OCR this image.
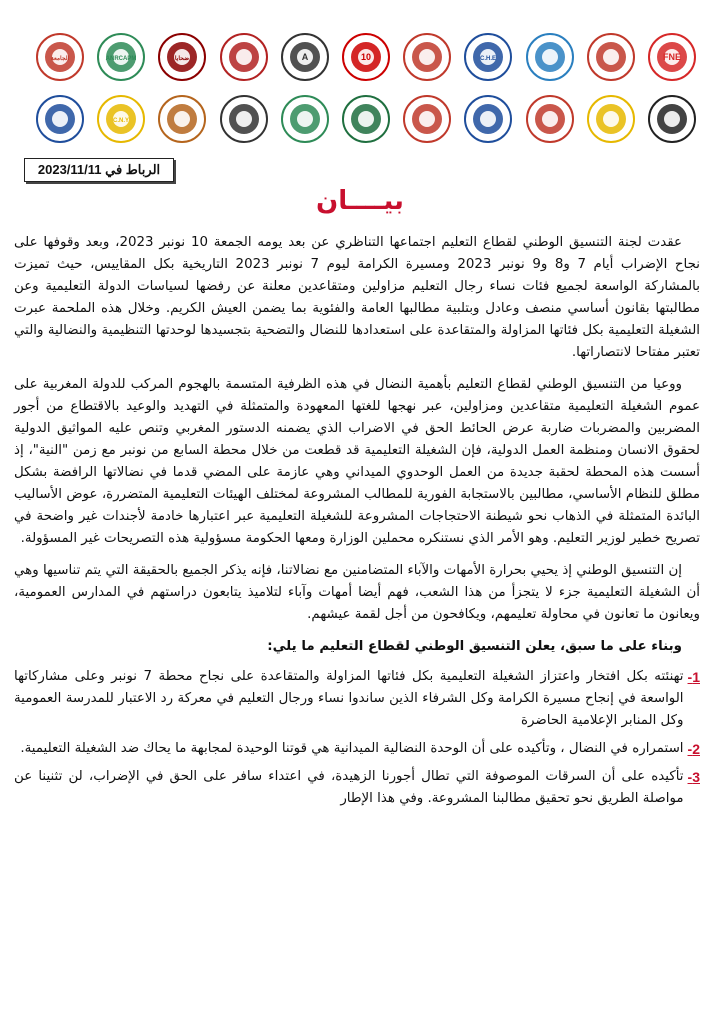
الجامعة	ANRCAPM	ضحايا	A	10	C.H.E	FNE
C.N.Y
الرباط في 2023/11/11
بيــــان

عقدت لجنة التنسيق الوطني لقطاع التعليم اجتماعها التناظري عن بعد يومه الجمعة 10 نونبر 2023، وبعد وقوفها على نجاح الإضراب أيام 7 و8 و9 نونبر 2023 ومسيرة الكرامة ليوم 7 نونبر 2023 التاريخية بكل المقاييس، حيث تميزت بالمشاركة الواسعة لجميع فئات نساء رجال التعليم مزاولين ومتقاعدين معلنة عن رفضها لسياسات الدولة التعليمية وعن مطالبتها بقانون أساسي منصف وعادل وبتلبية مطالبها العامة والفئوية بما يضمن العيش الكريم. وخلال هذه الملحمة عبرت الشغيلة التعليمية بكل فئاتها المزاولة والمتقاعدة على استعدادها للنضال والتضحية بتجسيدها لوحدتها التنظيمية والنضالية والتي تعتبر مفتاحا لانتصاراتها.

ووعيا من التنسيق الوطني لقطاع التعليم بأهمية النضال في هذه الظرفية المتسمة بالهجوم المركب للدولة المغربية على عموم الشغيلة التعليمية متقاعدين ومزاولين، عبر نهجها للغتها المعهودة والمتمثلة في التهديد والوعيد بالاقتطاع من أجور المضربين والمضربات ضاربة عرض الحائط الحق في الاضراب الذي يضمنه الدستور المغربي وتنص عليه المواثيق الدولية لحقوق الانسان ومنظمة العمل الدولية، فإن الشغيلة التعليمية قد قطعت من خلال محطة السابع من نونبر مع زمن "النية"، إذ أسست هذه المحطة لحقبة جديدة من العمل الوحدوي الميداني وهي عازمة على المضي قدما في نضالاتها الرافضة بشكل مطلق للنظام الأساسي، مطالبين بالاستجابة الفورية للمطالب المشروعة لمختلف الهيئات التعليمية المتضررة، عوض الأساليب البائدة المتمثلة في الذهاب نحو شيطنة الاحتجاجات المشروعة للشغيلة التعليمية عبر اعتبارها خادمة لأجندات غير واضحة في تصريح خطير لوزير التعليم. وهو الأمر الذي نستنكره محملين الوزارة ومعها الحكومة مسؤولية هذه التصريحات غير المسؤولة.

إن التنسيق الوطني إذ يحيي بحرارة الأمهات والآباء المتضامنين مع نضالاتنا، فإنه يذكر الجميع بالحقيقة التي يتم تناسيها وهي أن الشغيلة التعليمية جزء لا يتجزأ من هذا الشعب، فهم أيضا أمهات وآباء لتلاميذ يتابعون دراستهم في المدارس العمومية، ويعانون ما تعانون في محاولة تعليمهم، ويكافحون من أجل لقمة عيشهم.

وبناء على ما سبق، يعلن التنسيق الوطني لقطاع التعليم ما يلي:
1-
تهنئته بكل افتخار واعتزاز الشغيلة التعليمية بكل فئاتها المزاولة والمتقاعدة على نجاح محطة 7 نونبر وعلى مشاركاتها الواسعة في إنجاح مسيرة الكرامة وكل الشرفاء الذين ساندوا نساء ورجال التعليم في معركة رد الاعتبار للمدرسة العمومية وكل المنابر الإعلامية الحاضرة
2-
استمراره في النضال ، وتأكيده على أن الوحدة النضالية الميدانية هي قوتنا الوحيدة لمجابهة ما يحاك ضد الشغيلة التعليمية.
3-
تأكيده على أن السرقات الموصوفة التي تطال أجورنا الزهيدة، في اعتداء سافر على الحق في الإضراب، لن تثنينا عن مواصلة الطريق نحو تحقيق مطالبنا المشروعة. وفي هذا الإطار
